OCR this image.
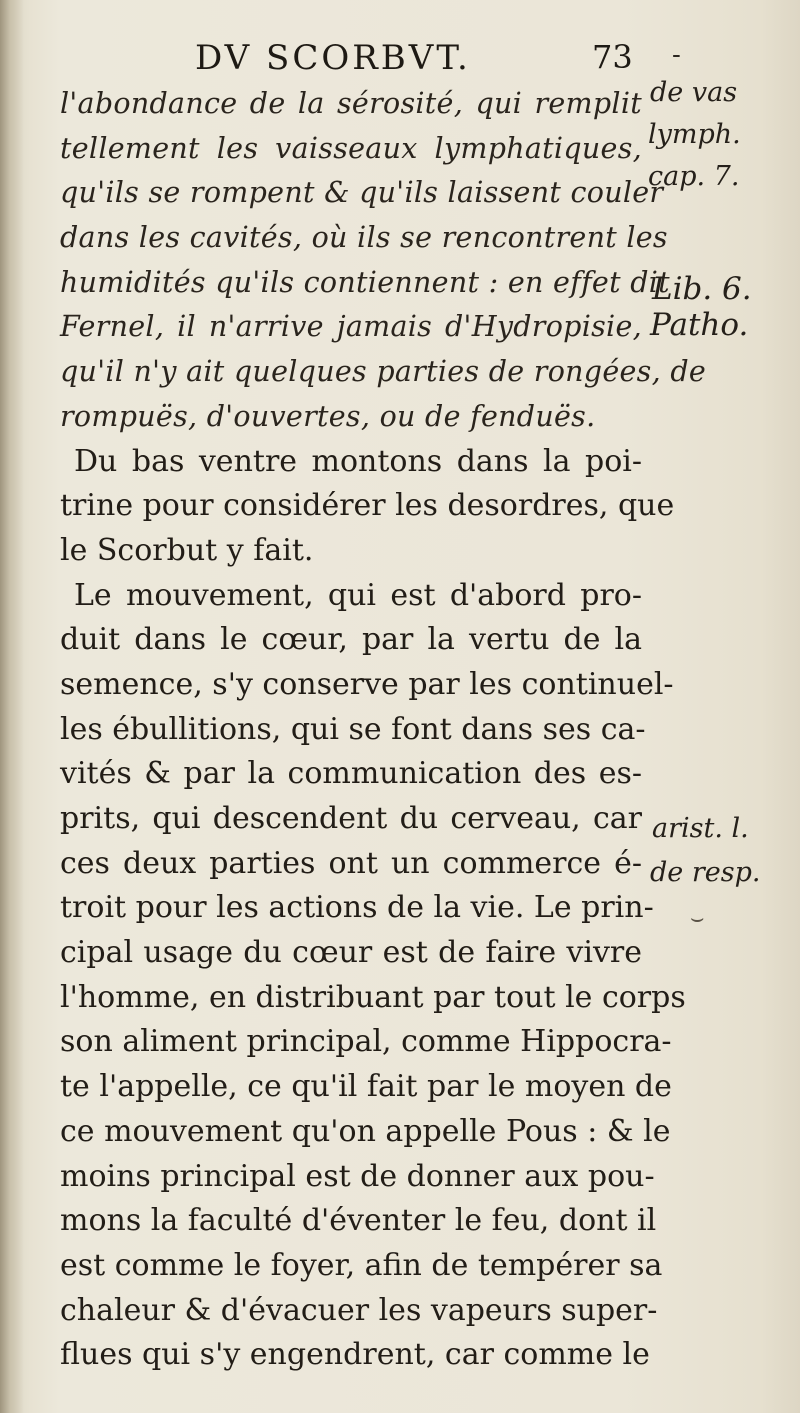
DV SCORBVT.	73 -
l'abondance de la sérosité, qui remplit
tellement les vaisseaux lymphatiques,
qu'ils se rompent & qu'ils laissent couler
dans les cavités, où ils se rencontrent les
humidités qu'ils contiennent : en effet dit
Fernel, il n'arrive jamais d'Hydropisie,
qu'il n'y ait quelques parties de rongées, de
rompuës, d'ouvertes, ou de fenduës.
Du bas ventre montons dans la poi-
trine pour considérer les desordres, que
le Scorbut y fait.
Le mouvement, qui est d'abord pro-
duit dans le cœur, par la vertu de la
semence, s'y conserve par les continuel-
les ébullitions, qui se font dans ses ca-
vités & par la communication des es-
prits, qui descendent du cerveau, car
ces deux parties ont un commerce é-
troit pour les actions de la vie. Le prin-
cipal usage du cœur est de faire vivre
l'homme, en distribuant par tout le corps
son aliment principal, comme Hippocra-
te l'appelle, ce qu'il fait par le moyen de
ce mouvement qu'on appelle Pous : & le
moins principal est de donner aux pou-
mons la faculté d'éventer le feu, dont il
est comme le foyer, afin de tempérer sa
chaleur & d'évacuer les vapeurs super-
flues qui s'y engendrent, car comme le
de vas
lymph.
cap. 7.
Lib. 6.
Patho.
arist. l.
de resp.
⌣
